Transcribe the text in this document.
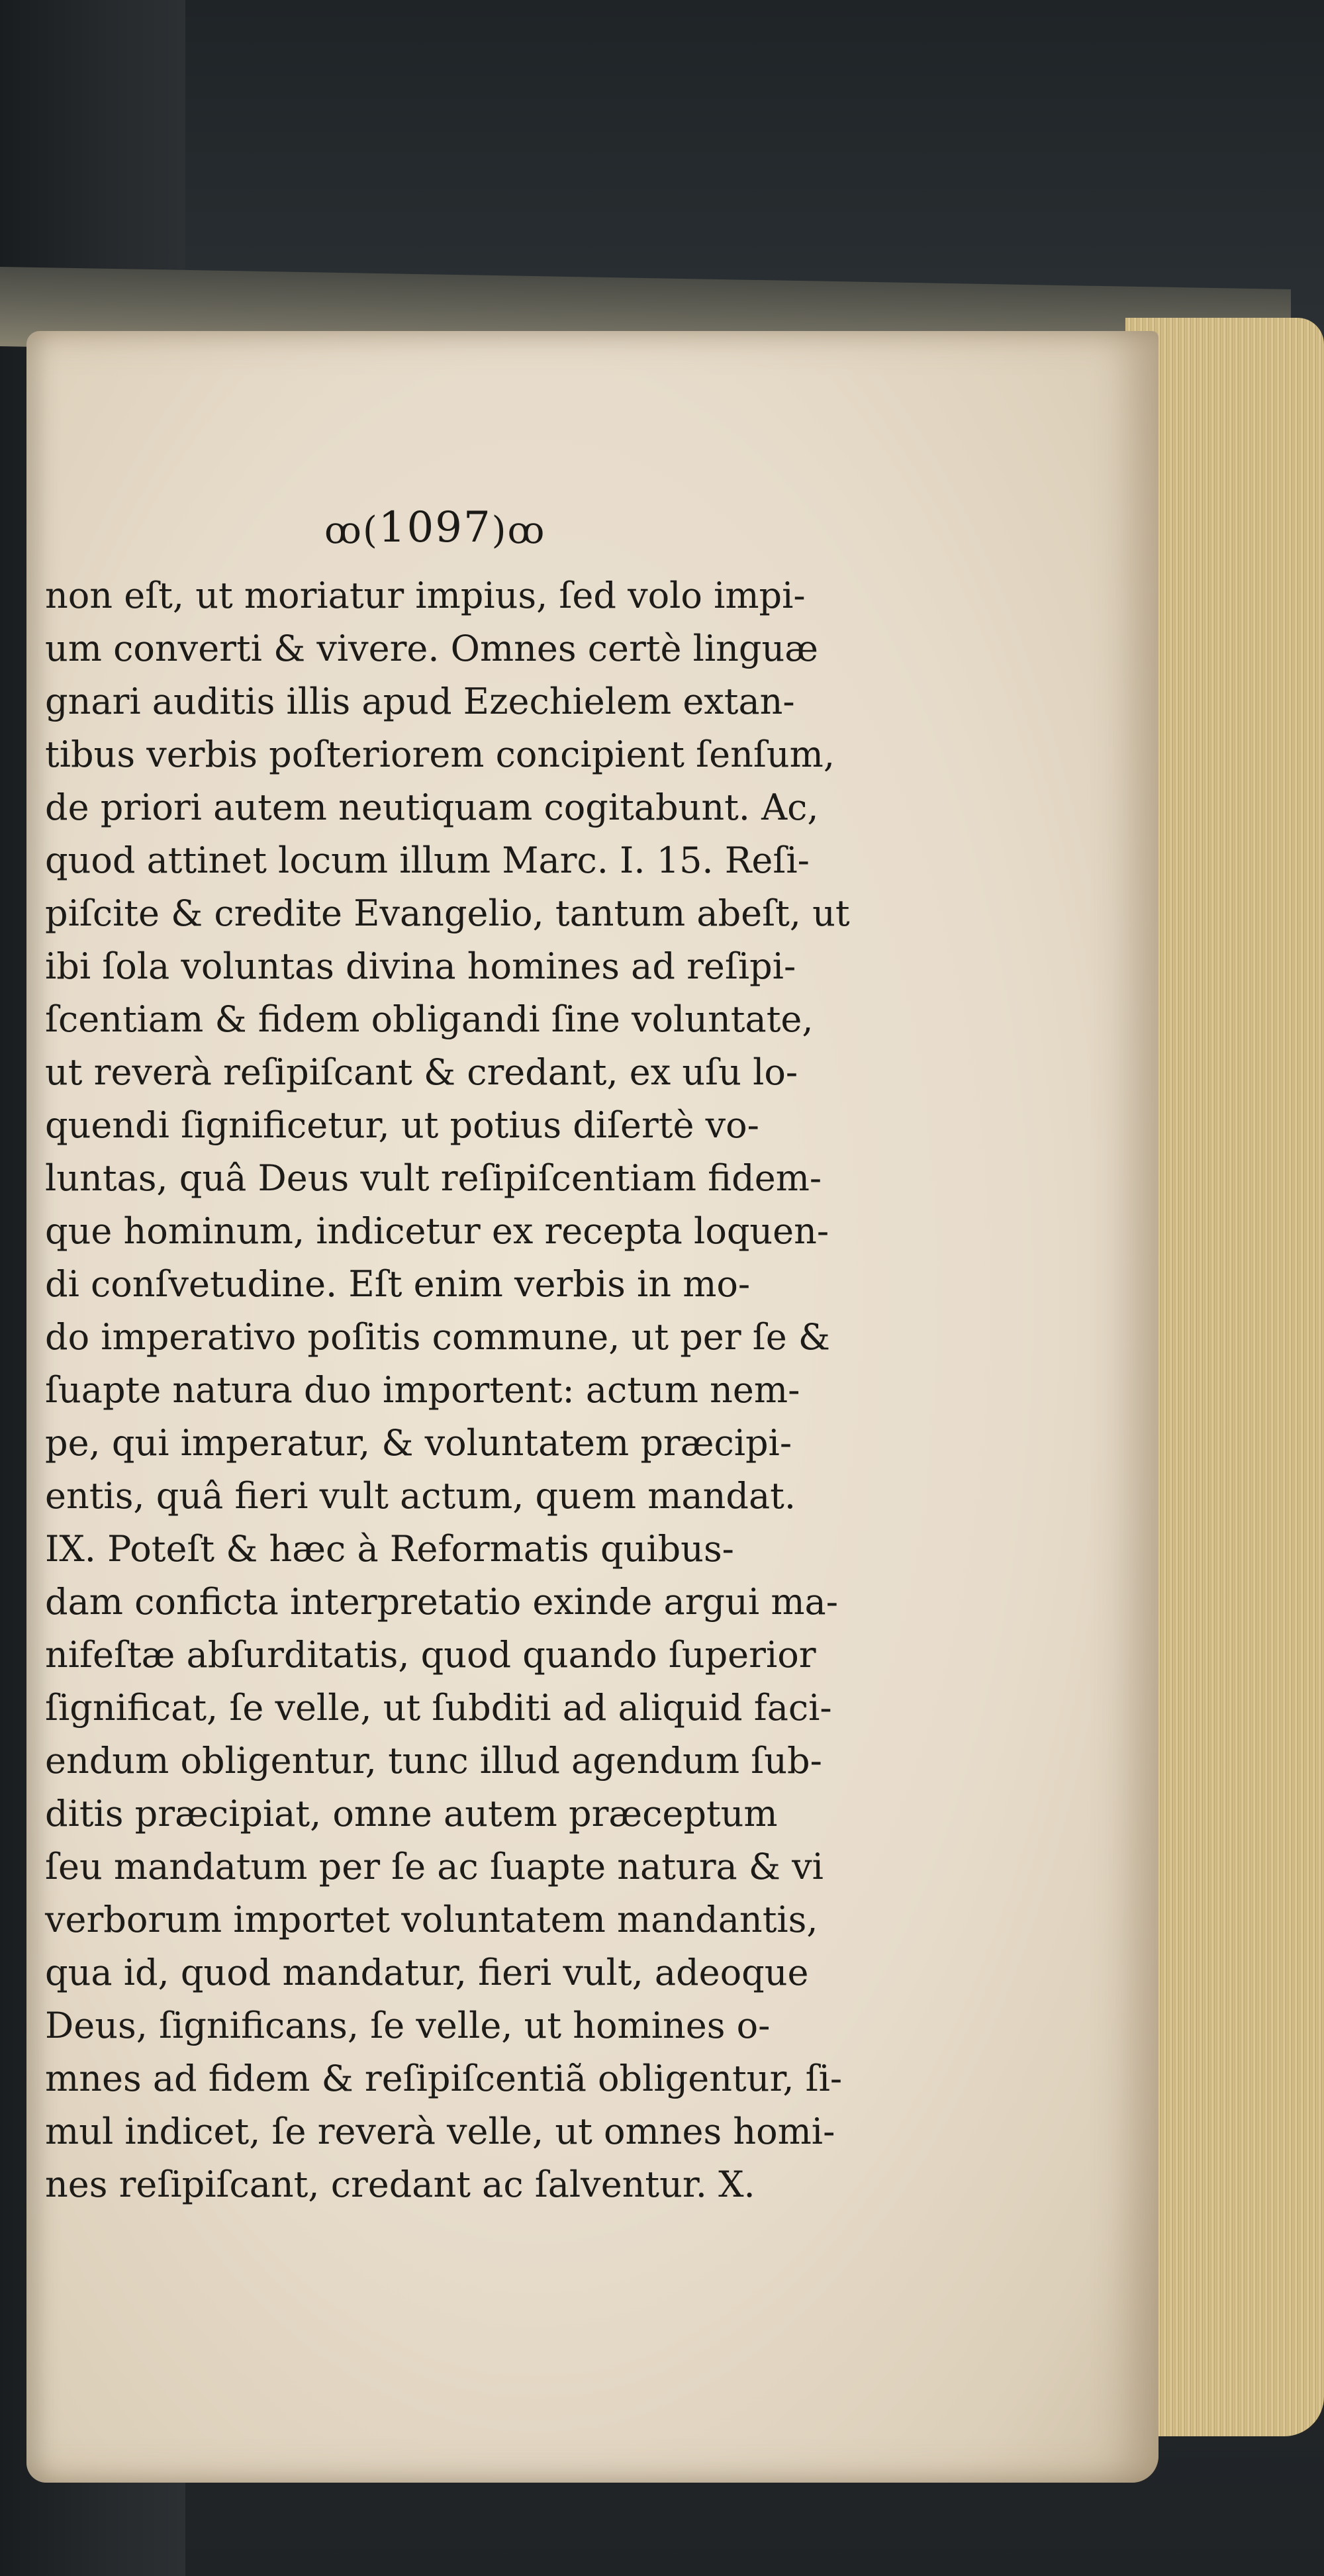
ꝏ(1097)ꝏ
non eſt, ut moriatur impius, ſed volo impi-
um converti & vivere. Omnes certè linguæ
gnari auditis illis apud Ezechielem extan-
tibus verbis poſteriorem concipient ſenſum,
de priori autem neutiquam cogitabunt. Ac,
quod attinet locum illum Marc. I. 15. Reſi-
piſcite & credite Evangelio, tantum abeſt, ut
ibi ſola voluntas divina homines ad reſipi-
ſcentiam & fidem obligandi ſine voluntate,
ut reverà reſipiſcant & credant, ex uſu lo-
quendi ſignificetur, ut potius diſertè vo-
luntas, quâ Deus vult reſipiſcentiam fidem-
que hominum, indicetur ex recepta loquen-
di conſvetudine. Eſt enim verbis in mo-
do imperativo poſitis commune, ut per ſe &
ſuapte natura duo importent: actum nem-
pe, qui imperatur, & voluntatem præcipi-
entis, quâ fieri vult actum, quem mandat.
IX. Poteſt & hæc à Reformatis quibus-
dam conficta interpretatio exinde argui ma-
nifeſtæ abſurditatis, quod quando ſuperior
ſignificat, ſe velle, ut ſubditi ad aliquid faci-
endum obligentur, tunc illud agendum ſub-
ditis præcipiat, omne autem præceptum
ſeu mandatum per ſe ac ſuapte natura & vi
verborum importet voluntatem mandantis,
qua id, quod mandatur, fieri vult, adeoque
Deus, ſignificans, ſe velle, ut homines o-
mnes ad fidem & reſipiſcentiã obligentur, ſi-
mul indicet, ſe reverà velle, ut omnes homi-
nes reſipiſcant, credant ac ſalventur. X.
